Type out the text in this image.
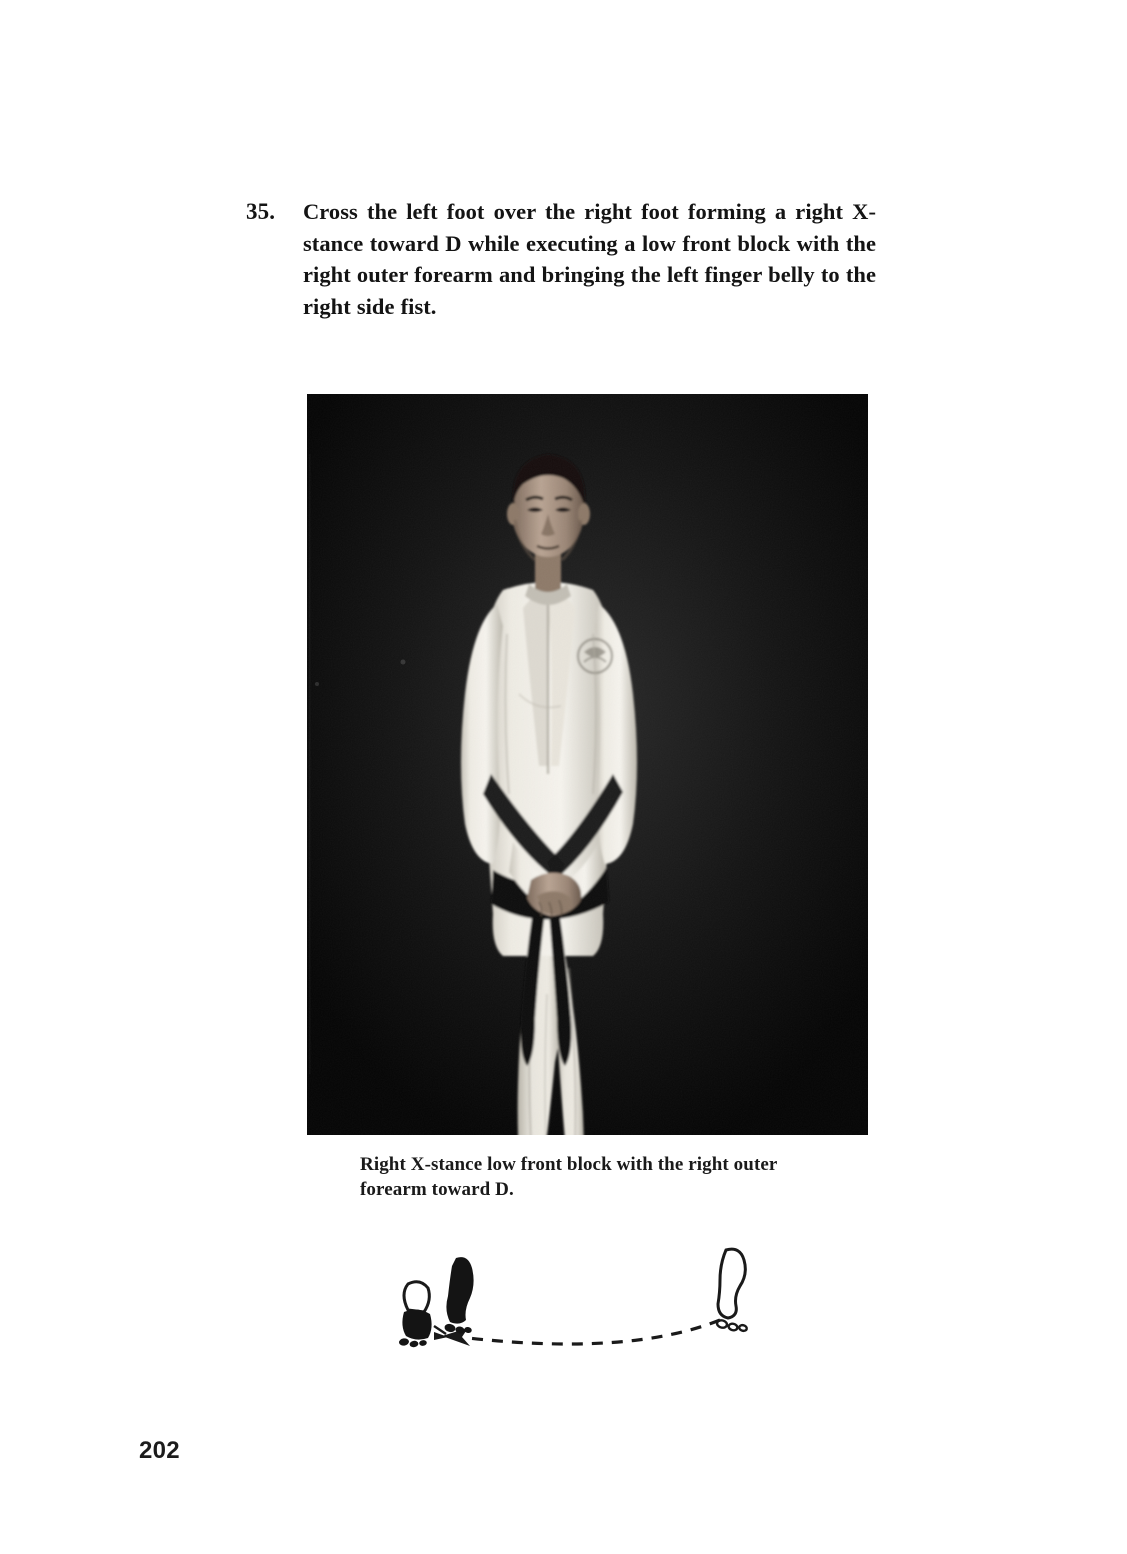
35.	Cross the left foot over the right foot forming a right X-stance toward D while executing a low front block with the right outer forearm and bringing the left finger belly to the right side fist.
Right X-stance low front block with the right outer forearm toward D.
202
